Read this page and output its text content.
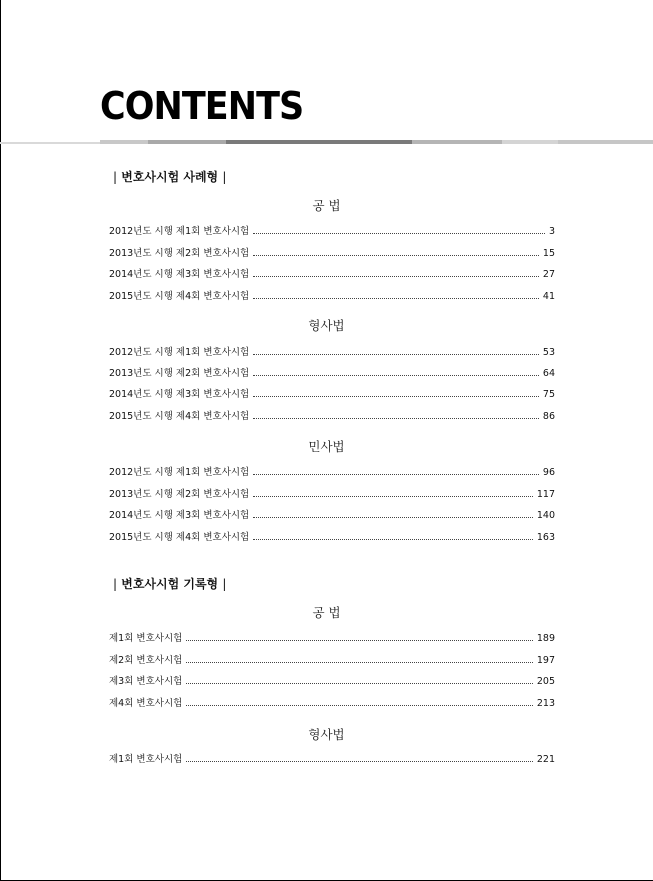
CONTENTS
| 변호사시험 사례형 |
공 법
2012년도 시행 제1회 변호사시험	3
2013년도 시행 제2회 변호사시험	15
2014년도 시행 제3회 변호사시험	27
2015년도 시행 제4회 변호사시험	41
형사법
2012년도 시행 제1회 변호사시험	53
2013년도 시행 제2회 변호사시험	64
2014년도 시행 제3회 변호사시험	75
2015년도 시행 제4회 변호사시험	86
민사법
2012년도 시행 제1회 변호사시험	96
2013년도 시행 제2회 변호사시험	117
2014년도 시행 제3회 변호사시험	140
2015년도 시행 제4회 변호사시험	163
| 변호사시험 기록형 |
공 법
제1회 변호사시험	189
제2회 변호사시험	197
제3회 변호사시험	205
제4회 변호사시험	213
형사법
제1회 변호사시험	221
